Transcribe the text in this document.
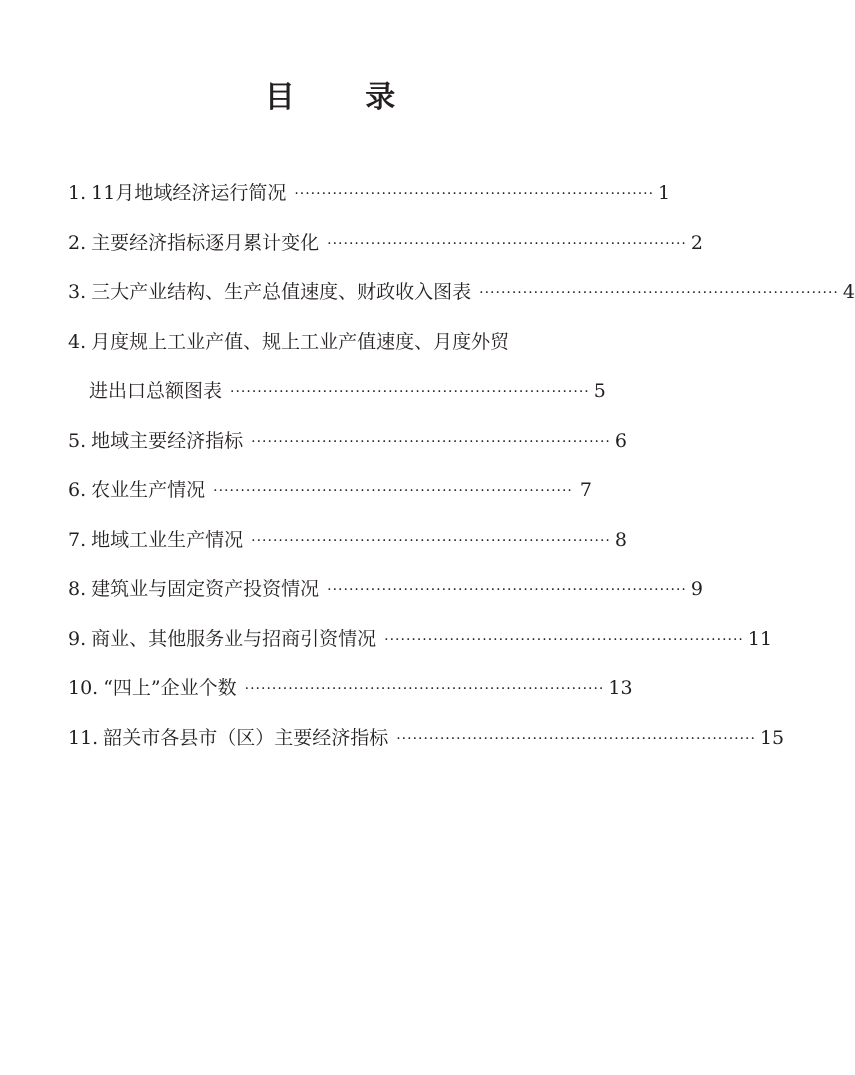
目 录
1. 11月地域经济运行简况 ·································································· 1
2. 主要经济指标逐月累计变化 ·································································· 2
3. 三大产业结构、生产总值速度、财政收入图表 ·································································· 4
4. 月度规上工业产值、规上工业产值速度、月度外贸
进出口总额图表 ·································································· 5
5. 地域主要经济指标 ·································································· 6
6. 农业生产情况 ·································································· 7
7. 地域工业生产情况 ·································································· 8
8. 建筑业与固定资产投资情况 ·································································· 9
9. 商业、其他服务业与招商引资情况 ·································································· 11
10. “四上”企业个数 ·································································· 13
11. 韶关市各县市（区）主要经济指标 ·································································· 15
